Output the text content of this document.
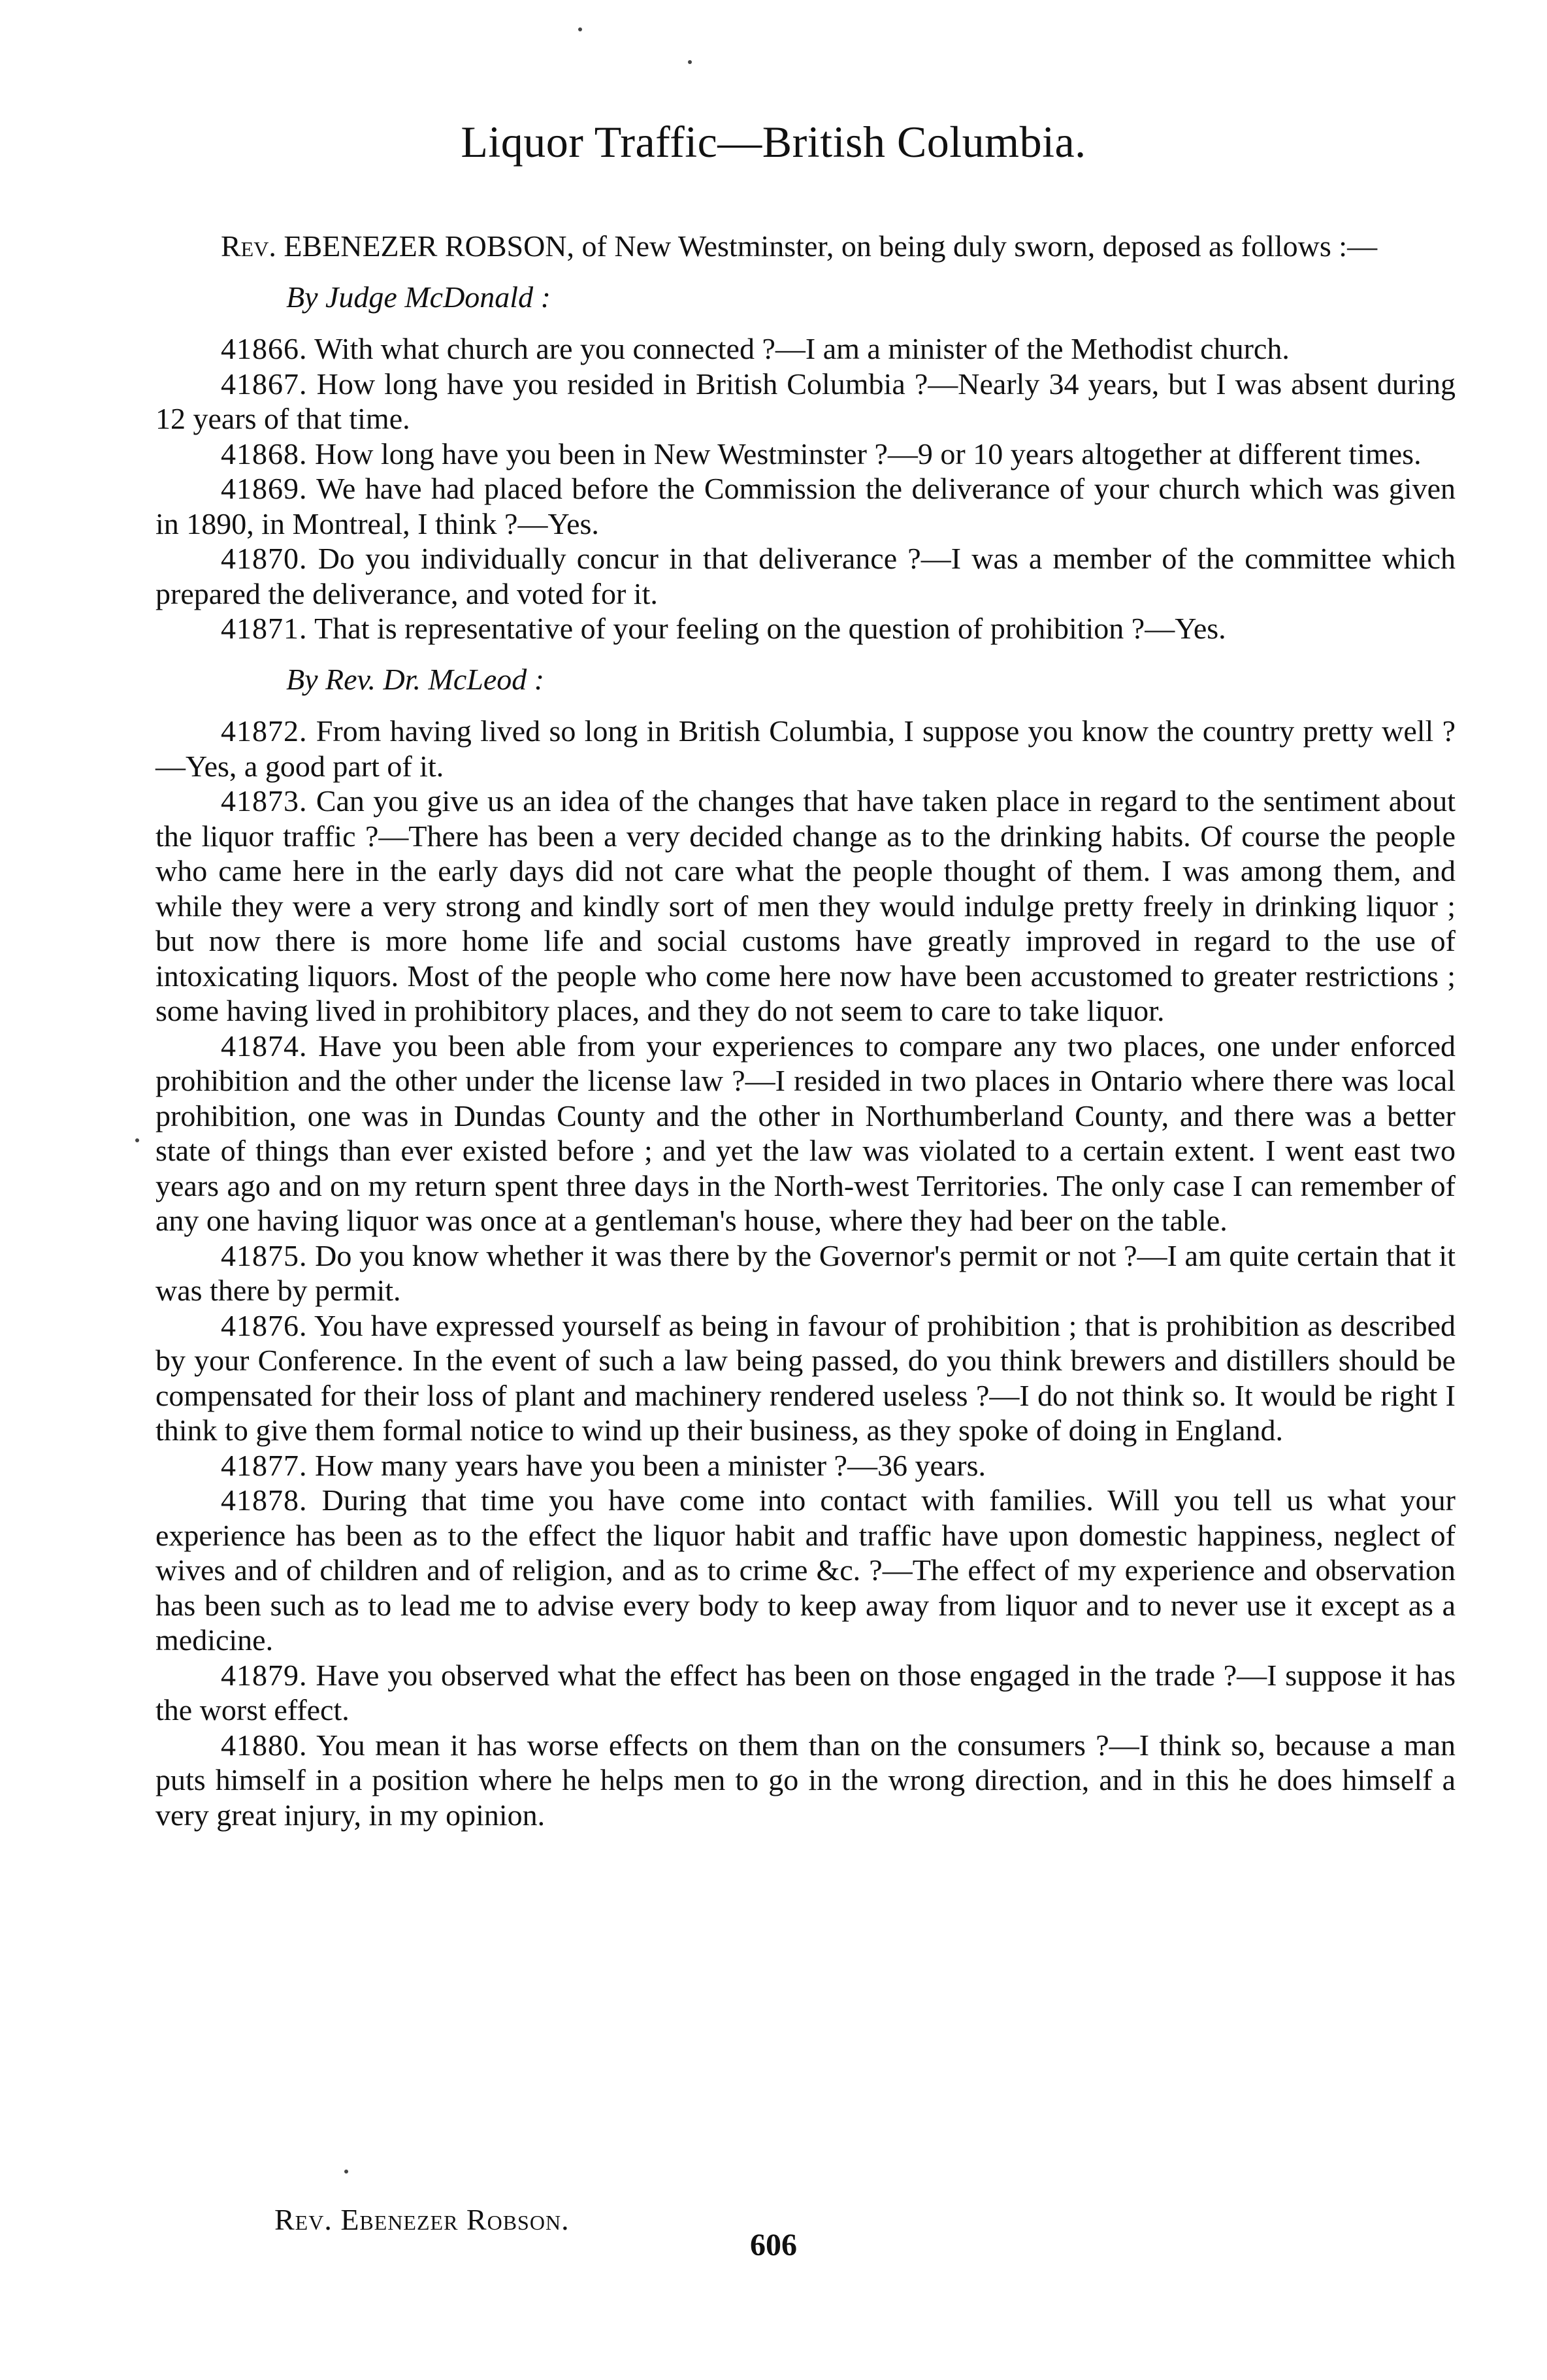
Liquor Traffic—British Columbia.

Rev. EBENEZER ROBSON, of New Westminster, on being duly sworn, deposed as follows :—

By Judge McDonald :

41866. With what church are you connected ?—I am a minister of the Methodist church.

41867. How long have you resided in British Columbia ?—Nearly 34 years, but I was absent during 12 years of that time.

41868. How long have you been in New Westminster ?—9 or 10 years altogether at different times.

41869. We have had placed before the Commission the deliverance of your church which was given in 1890, in Montreal, I think ?—Yes.

41870. Do you individually concur in that deliverance ?—I was a member of the committee which prepared the deliverance, and voted for it.

41871. That is representative of your feeling on the question of prohibition ?—Yes.

By Rev. Dr. McLeod :

41872. From having lived so long in British Columbia, I suppose you know the country pretty well ?—Yes, a good part of it.

41873. Can you give us an idea of the changes that have taken place in regard to the sentiment about the liquor traffic ?—There has been a very decided change as to the drinking habits. Of course the people who came here in the early days did not care what the people thought of them. I was among them, and while they were a very strong and kindly sort of men they would indulge pretty freely in drinking liquor ; but now there is more home life and social customs have greatly improved in regard to the use of intoxicating liquors. Most of the people who come here now have been accustomed to greater restrictions ; some having lived in prohibitory places, and they do not seem to care to take liquor.

41874. Have you been able from your experiences to compare any two places, one under enforced prohibition and the other under the license law ?—I resided in two places in Ontario where there was local prohibition, one was in Dundas County and the other in Northumberland County, and there was a better state of things than ever existed before ; and yet the law was violated to a certain extent. I went east two years ago and on my return spent three days in the North-west Territories. The only case I can remember of any one having liquor was once at a gentleman's house, where they had beer on the table.

41875. Do you know whether it was there by the Governor's permit or not ?—I am quite certain that it was there by permit.

41876. You have expressed yourself as being in favour of prohibition ; that is prohibition as described by your Conference. In the event of such a law being passed, do you think brewers and distillers should be compensated for their loss of plant and machinery rendered useless ?—I do not think so. It would be right I think to give them formal notice to wind up their business, as they spoke of doing in England.

41877. How many years have you been a minister ?—36 years.

41878. During that time you have come into contact with families. Will you tell us what your experience has been as to the effect the liquor habit and traffic have upon domestic happiness, neglect of wives and of children and of religion, and as to crime &c. ?—The effect of my experience and observation has been such as to lead me to advise every body to keep away from liquor and to never use it except as a medicine.

41879. Have you observed what the effect has been on those engaged in the trade ?—I suppose it has the worst effect.

41880. You mean it has worse effects on them than on the consumers ?—I think so, because a man puts himself in a position where he helps men to go in the wrong direction, and in this he does himself a very great injury, in my opinion.

Rev. Ebenezer Robson.
606
